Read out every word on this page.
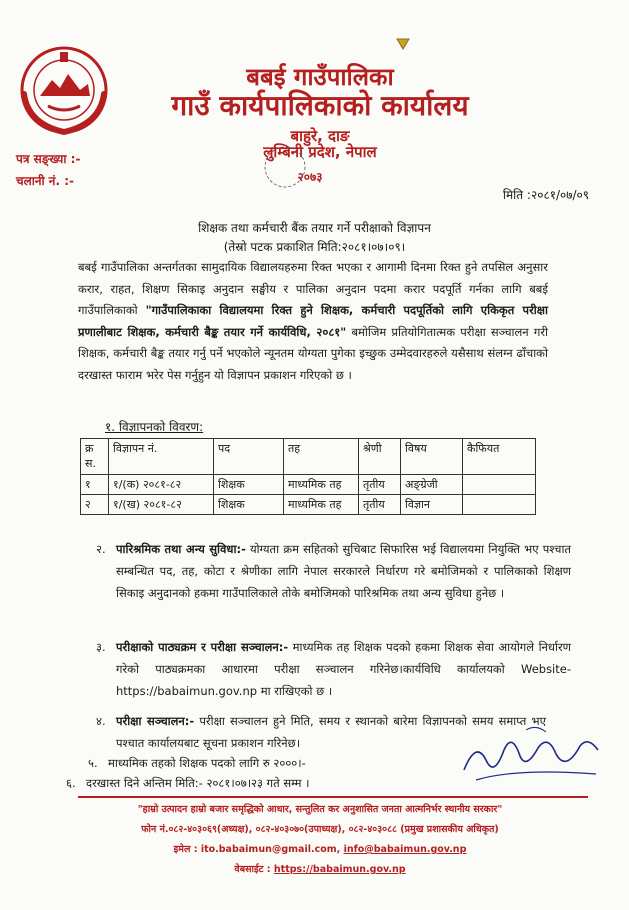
बबई गाउँपालिका
गाउँ कार्यपालिकाको कार्यालय
बाहुरे, दाङ
लुम्बिनी प्रदेश, नेपाल
२०७३
पत्र सङ्ख्या :-
चलानी नं. :-
मिति :२०८१/०७/०९
शिक्षक तथा कर्मचारी बैंक तयार गर्ने परीक्षाको विज्ञापन
(तेस्रो पटक प्रकाशित मिति:२०८१।०७।०९।
बबई गाउँपालिका अन्तर्गतका सामुदायिक विद्यालयहरुमा रिक्त भएका र आगामी दिनमा रिक्त हुने तपसिल अनुसार करार, राहत, शिक्षण सिकाइ अनुदान सङ्घीय र पालिका अनुदान पदमा करार पदपूर्ति गर्नका लागि बबई गाउँपालिकाको "गाउँपालिकाका विद्यालयमा रिक्त हुने शिक्षक, कर्मचारी पदपूर्तिको लागि एकिकृत परीक्षा प्रणालीबाट शिक्षक, कर्मचारी बैङ्क तयार गर्ने कार्यविधि, २०८१" बमोजिम प्रतियोगितात्मक परीक्षा सञ्चालन गरी शिक्षक, कर्मचारी बैङ्क तयार गर्नु पर्ने भएकोले न्यूनतम योग्यता पुगेका इच्छुक उम्मेदवारहरुले यसैसाथ संलग्न ढाँचाको दरखास्त फाराम भरेर पेस गर्नुहुन यो विज्ञापन प्रकाशन गरिएको छ ।
१. विज्ञापनको विवरण:
क्र स.	विज्ञापन नं.	पद	तह	श्रेणी	विषय	कैफियत
१	१/(क) २०८१-८२	शिक्षक	माध्यमिक तह	तृतीय	अङ्ग्रेजी	
२	१/(ख) २०८१-८२	शिक्षक	माध्यमिक तह	तृतीय	विज्ञान	
२. पारिश्रमिक तथा अन्य सुविधा:- योग्यता क्रम सहितको सुचिबाट सिफारिस भई विद्यालयमा नियुक्ति भए पश्चात सम्बन्धित पद, तह, कोटा र श्रेणीका लागि नेपाल सरकारले निर्धारण गरे बमोजिमको र पालिकाको शिक्षण सिकाइ अनुदानको हकमा गाउँपालिकाले तोके बमोजिमको पारिश्रमिक तथा अन्य सुविधा हुनेछ ।
३. परीक्षाको पाठ्यक्रम र परीक्षा सञ्चालन:- माध्यमिक तह शिक्षक पदको हकमा शिक्षक सेवा आयोगले निर्धारण गरेको पाठ्यक्रमका आधारमा परीक्षा सञ्चालन गरिनेछ।कार्यविधि कार्यालयको Website-https://babaimun.gov.np मा राखिएको छ ।
४. परीक्षा सञ्चालन:- परीक्षा सञ्चालन हुने मिति, समय र स्थानको बारेमा विज्ञापनको समय समाप्त भए पश्चात कार्यालयबाट सूचना प्रकाशन गरिनेछ।
५. माध्यमिक तहको शिक्षक पदको लागि रु २०००।-
६. दरखास्त दिने अन्तिम मिति:- २०८१।०७।२३ गते सम्म ।
"हाम्रो उत्पादन हाम्रो बजार समृद्धिको आधार, सन्तुलित कर अनुशासित जनता आत्मनिर्भर स्थानीय सरकार"
फोन नं.०८२-४०३०६९(अध्यक्ष), ०८२-४०३०७०(उपाध्यक्ष), ०८२-४०३०८८ (प्रमुख प्रशासकीय अधिकृत)
इमेल : ito.babaimun@gmail.com, info@babaimun.gov.np
वेबसाईट : https://babaimun.gov.np
